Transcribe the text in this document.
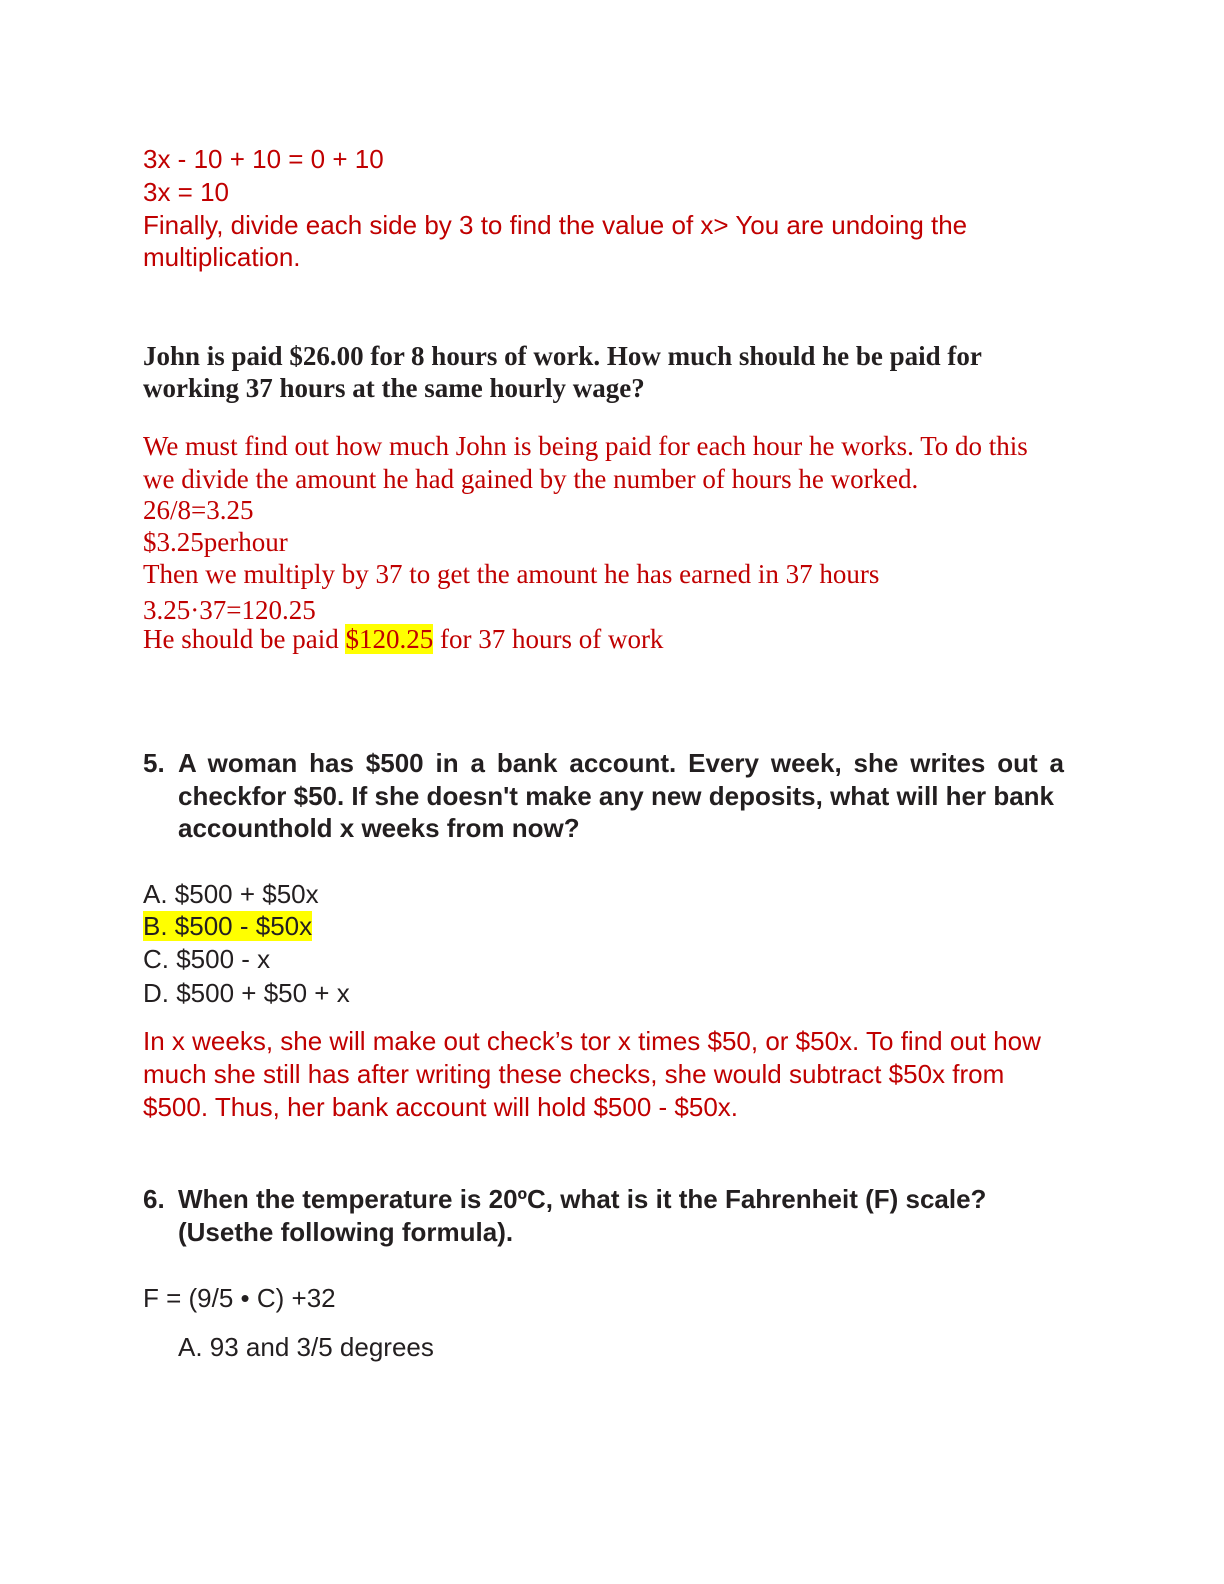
3x - 10 + 10 = 0 + 10
3x = 10
Finally, divide each side by 3 to find the value of x> You are undoing the
multiplication.
John is paid $26.00 for 8 hours of work. How much should he be paid for
working 37 hours at the same hourly wage?
We must find out how much John is being paid for each hour he works. To do this
we divide the amount he had gained by the number of hours he worked.
26/8=3.25
$3.25perhour
Then we multiply by 37 to get the amount he has earned in 37 hours
3.25·37=120.25
He should be paid $120.25 for 37 hours of work
5. A woman has $500 in a bank account. Every week, she writes out a
checkfor $50. If she doesn't make any new deposits, what will her bank
accounthold x weeks from now?
A. $500 + $50x
B. $500 - $50x
C. $500 - x
D. $500 + $50 + x
In x weeks, she will make out check’s tor x times $50, or $50x. To find out how
much she still has after writing these checks, she would subtract $50x from
$500. Thus, her bank account will hold $500 - $50x.
6. When the temperature is 20ºC, what is it the Fahrenheit (F) scale?
(Usethe following formula).
F = (9/5 • C) +32
A. 93 and 3/5 degrees
